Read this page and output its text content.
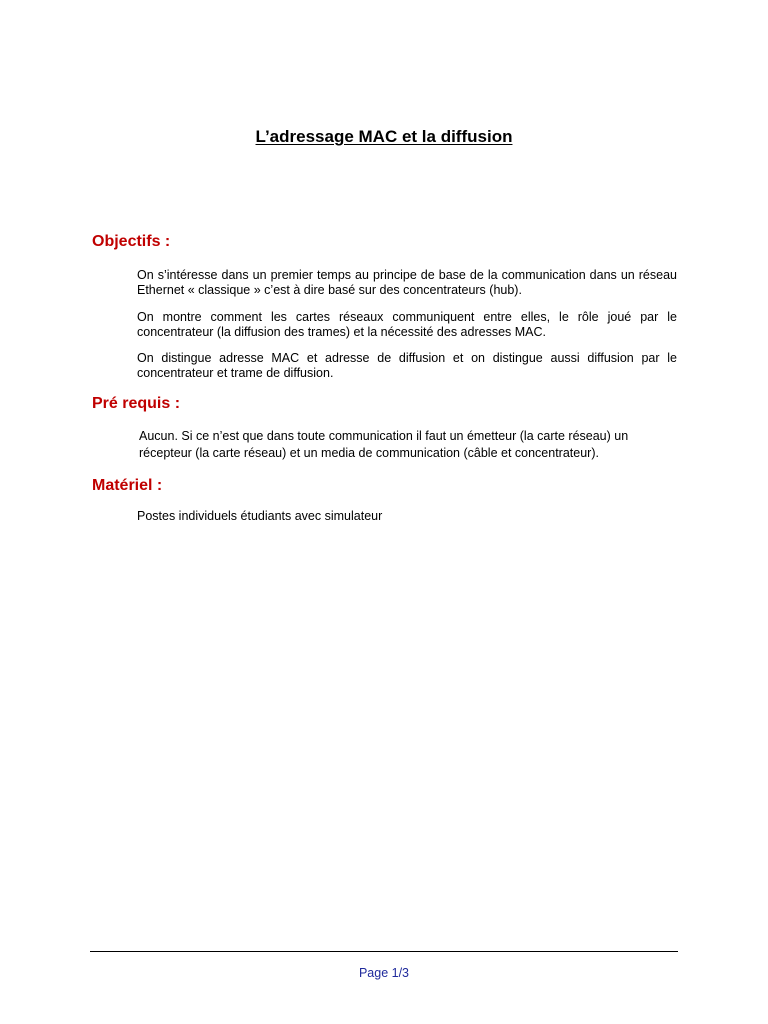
L’adressage MAC et la diffusion
Objectifs :

On s’intéresse dans un premier temps au principe de base de la communication dans un réseau Ethernet « classique » c’est à dire basé sur des concentrateurs (hub).

On montre comment les cartes réseaux communiquent entre elles, le rôle joué par le concentrateur (la diffusion des trames) et la nécessité des adresses MAC.

On distingue adresse MAC et adresse de diffusion et on distingue aussi diffusion par le concentrateur et trame de diffusion.

Pré requis :

Aucun. Si ce n’est que dans toute communication il faut un émetteur (la carte réseau) un récepteur (la carte réseau) et un media de communication (câble et concentrateur).

Matériel :

Postes individuels étudiants avec simulateur

Page 1/3
